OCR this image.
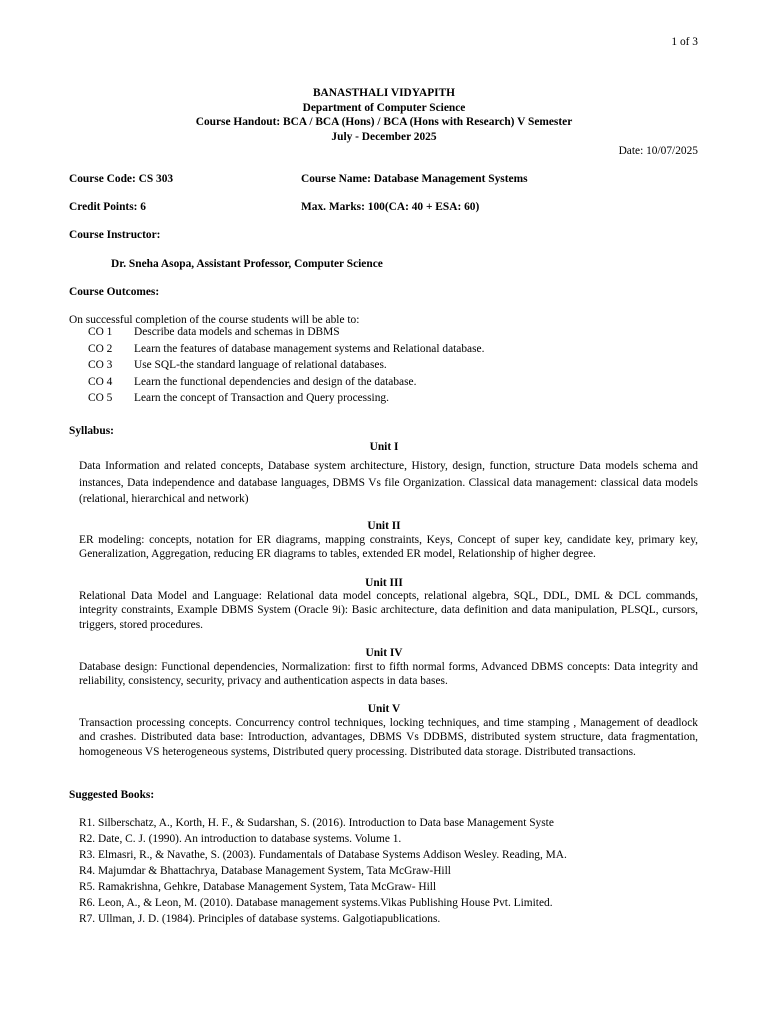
1 of 3
BANASTHALI VIDYAPITH
Department of Computer Science
Course Handout: BCA / BCA (Hons) / BCA (Hons with Research) V Semester
July - December 2025
Date: 10/07/2025
Course Code: CS 303	Course Name: Database Management Systems
Credit Points: 6	Max. Marks: 100(CA: 40 + ESA: 60)
Course Instructor:
Dr. Sneha Asopa, Assistant Professor, Computer Science
Course Outcomes:
On successful completion of the course students will be able to:
CO 1 Describe data models and schemas in DBMS
CO 2 Learn the features of database management systems and Relational database.
CO 3 Use SQL-the standard language of relational databases.
CO 4 Learn the functional dependencies and design of the database.
CO 5 Learn the concept of Transaction and Query processing.
Syllabus:
Unit I
Data Information and related concepts, Database system architecture, History, design, function, structure Data models schema and instances, Data independence and database languages, DBMS Vs file Organization. Classical data management: classical data models (relational, hierarchical and network)
Unit II
ER modeling: concepts, notation for ER diagrams, mapping constraints, Keys, Concept of super key, candidate key, primary key, Generalization, Aggregation, reducing ER diagrams to tables, extended ER model, Relationship of higher degree.
Unit III
Relational Data Model and Language: Relational data model concepts, relational algebra, SQL, DDL, DML & DCL commands, integrity constraints, Example DBMS System (Oracle 9i): Basic architecture, data definition and data manipulation, PLSQL, cursors, triggers, stored procedures.
Unit IV
Database design: Functional dependencies, Normalization: first to fifth normal forms, Advanced DBMS concepts: Data integrity and reliability, consistency, security, privacy and authentication aspects in data bases.
Unit V
Transaction processing concepts. Concurrency control techniques, locking techniques, and time stamping , Management of deadlock and crashes. Distributed data base: Introduction, advantages, DBMS Vs DDBMS, distributed system structure, data fragmentation, homogeneous VS heterogeneous systems, Distributed query processing. Distributed data storage. Distributed transactions.
Suggested Books:
R1. Silberschatz, A., Korth, H. F., & Sudarshan, S. (2016). Introduction to Data base Management Syste
R2. Date, C. J. (1990). An introduction to database systems. Volume 1.
R3. Elmasri, R., & Navathe, S. (2003). Fundamentals of Database Systems Addison Wesley. Reading, MA.
R4. Majumdar & Bhattachrya, Database Management System, Tata McGraw-Hill
R5. Ramakrishna, Gehkre, Database Management System, Tata McGraw- Hill
R6. Leon, A., & Leon, M. (2010). Database management systems.Vikas Publishing House Pvt. Limited.
R7. Ullman, J. D. (1984). Principles of database systems. Galgotiapublications.
